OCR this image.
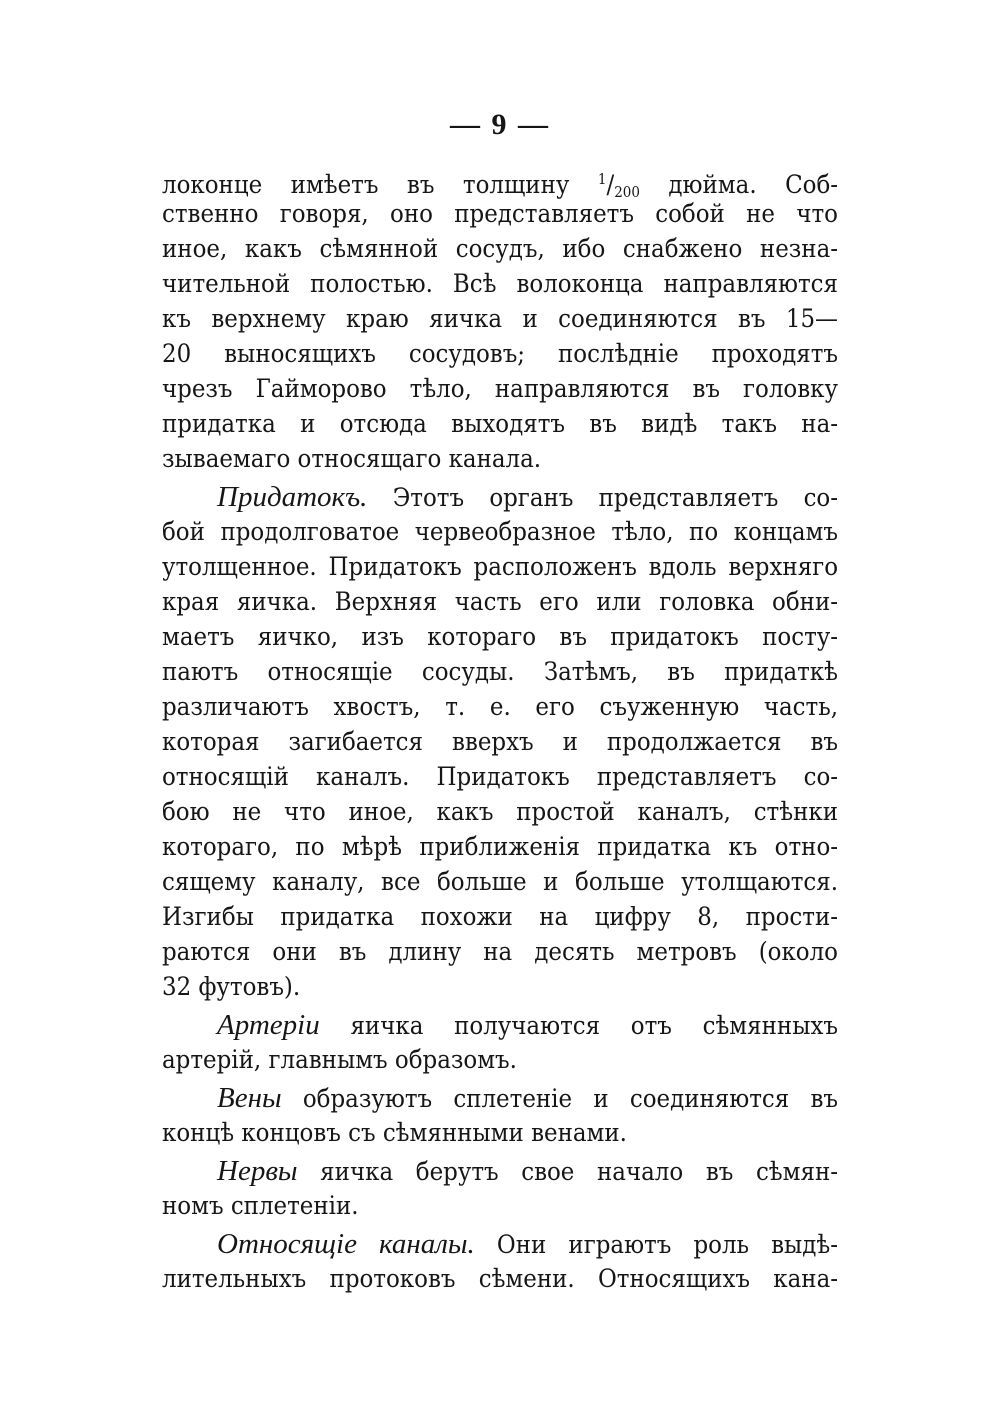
— 9 —
локонце имѣетъ въ толщину $^1$/200 дюйма. Соб-
ственно говоря, оно представляетъ собой не что
иное, какъ сѣмянной сосудъ, ибо снабжено незна-
чительной полостью. Всѣ волоконца направляются
къ верхнему краю яичка и соединяются въ 15—
20 выносящихъ сосудовъ; послѣдніе проходятъ
чрезъ Гайморово тѣло, направляются въ головку
придатка и отсюда выходятъ въ видѣ такъ на-
зываемаго относящаго канала.
Придатокъ. Этотъ органъ представляетъ со-
бой продолговатое червеобразное тѣло, по концамъ
утолщенное. Придатокъ расположенъ вдоль верхняго
края яичка. Верхняя часть его или головка обни-
маетъ яичко, изъ котораго въ придатокъ посту-
паютъ относящіе сосуды. Затѣмъ, въ придаткѣ
различаютъ хвостъ, т. е. его съуженную часть,
которая загибается вверхъ и продолжается въ
относящій каналъ. Придатокъ представляетъ со-
бою не что иное, какъ простой каналъ, стѣнки
котораго, по мѣрѣ приближенія придатка къ отно-
сящему каналу, все больше и больше утолщаются.
Изгибы придатка похожи на цифру 8, прости-
раются они въ длину на десять метровъ (около
32 футовъ).
Артеріи яичка получаются отъ сѣмянныхъ
артерій, главнымъ образомъ.
Вены образуютъ сплетеніе и соединяются въ
концѣ концовъ съ сѣмянными венами.
Нервы яичка берутъ свое начало въ сѣмян-
номъ сплетеніи.
Относящіе каналы. Они играютъ роль выдѣ-
лительныхъ протоковъ сѣмени. Относящихъ кана-
